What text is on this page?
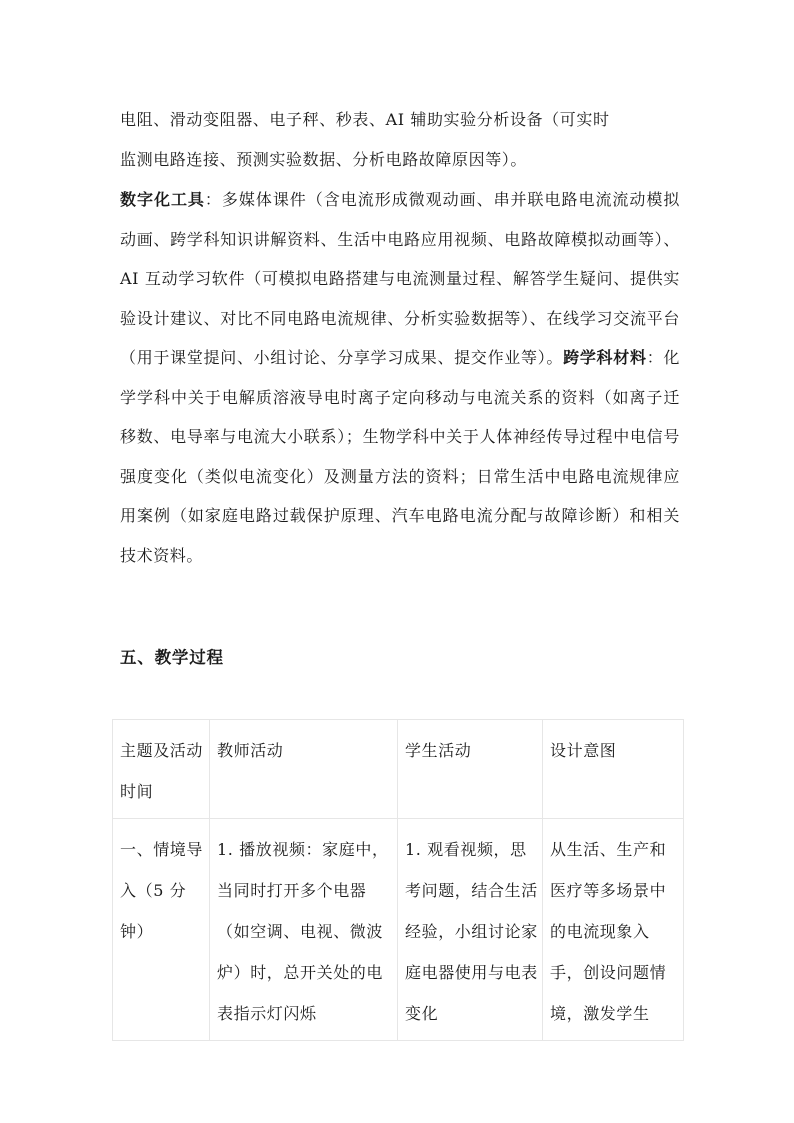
电阻、滑动变阻器、电子秤、秒表、AI 辅助实验分析设备（可实时
监测电路连接、预测实验数据、分析电路故障原因等）。
数字化工具：多媒体课件（含电流形成微观动画、串并联电路电流流动模拟动画、跨学科知识讲解资料、生活中电路应用视频、电路故障模拟动画等）、AI 互动学习软件（可模拟电路搭建与电流测量过程、解答学生疑问、提供实验设计建议、对比不同电路电流规律、分析实验数据等）、在线学习交流平台（用于课堂提问、小组讨论、分享学习成果、提交作业等）。跨学科材料：化学学科中关于电解质溶液导电时离子定向移动与电流关系的资料（如离子迁移数、电导率与电流大小联系）；生物学科中关于人体神经传导过程中电信号强度变化（类似电流变化）及测量方法的资料；日常生活中电路电流规律应用案例（如家庭电路过载保护原理、汽车电路电流分配与故障诊断）和相关技术资料。
五、教学过程
主题及活动时间	教师活动	学生活动	设计意图
一、情境导入（5 分钟）	1. 播放视频：家庭中，当同时打开多个电器（如空调、电视、微波炉）时，总开关处的电表指示灯闪烁	1. 观看视频，思考问题，结合生活经验，小组讨论家庭电器使用与电表变化	从生活、生产和医疗等多场景中的电流现象入手，创设问题情境，激发学生
